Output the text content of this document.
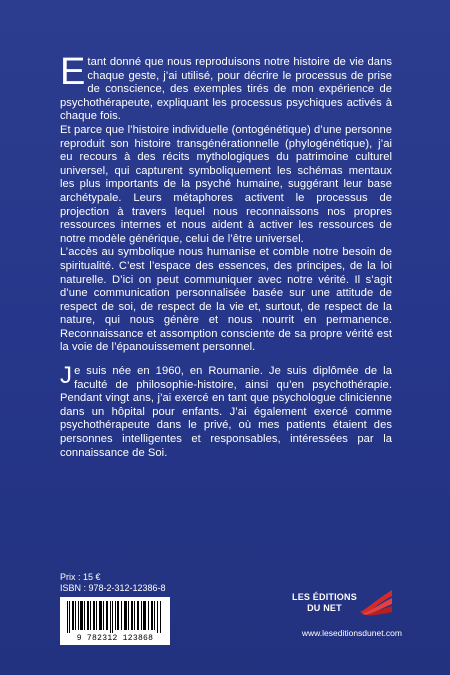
Etant donné que nous reproduisons notre histoire de vie dans chaque geste, j’ai utilisé, pour décrire le processus de prise de conscience, des exemples tirés de mon expérience de psychothérapeute, expliquant les processus psychiques activés à chaque fois.

Et parce que l’histoire individuelle (ontogénétique) d’une personne reproduit son histoire transgénérationnelle (phylogénétique), j’ai eu recours à des récits mythologiques du patrimoine culturel universel, qui capturent symboliquement les schémas mentaux les plus importants de la psyché humaine, suggérant leur base archétypale. Leurs métaphores activent le processus de projection à travers lequel nous reconnaissons nos propres ressources internes et nous aident à activer les ressources de notre modèle générique, celui de l’être universel.

L’accès au symbolique nous humanise et comble notre besoin de spiritualité. C’est l’espace des essences, des principes, de la loi naturelle. D’ici on peut communiquer avec notre vérité. Il s’agit d’une communication personnalisée basée sur une attitude de respect de soi, de respect de la vie et, surtout, de respect de la nature, qui nous génère et nous nourrit en permanence. Reconnaissance et assomption consciente de sa propre vérité est la voie de l’épanouissement personnel.

Je suis née en 1960, en Roumanie. Je suis diplômée de la faculté de philosophie-histoire, ainsi qu’en psychothérapie. Pendant vingt ans, j’ai exercé en tant que psychologue clinicienne dans un hôpital pour enfants. J’ai également exercé comme psychothérapeute dans le privé, où mes patients étaient des personnes intelligentes et responsables, intéressées par la connaissance de Soi.

Prix : 15 €
ISBN : 978-2-312-12386-8
9 782312 123868
LES ÉDITIONS
DU NET
www.leseditionsdunet.com
